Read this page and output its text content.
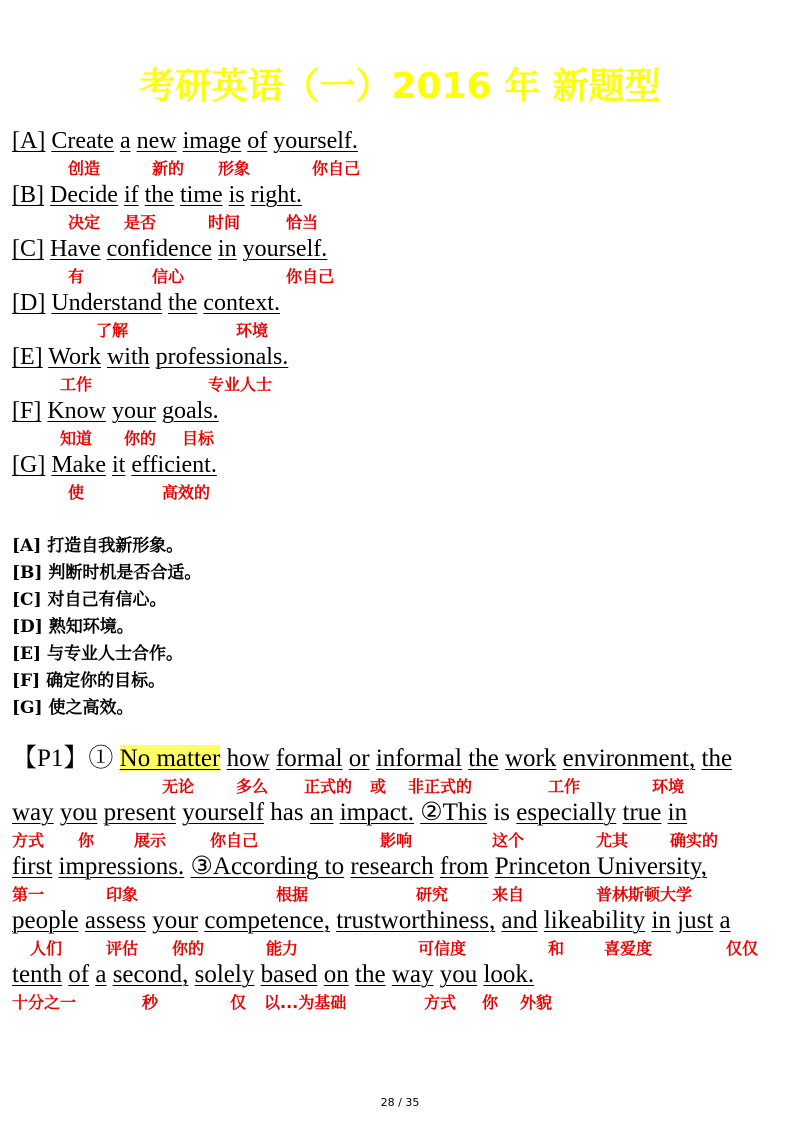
考研英语（一）2016 年 新题型
[A] Create a new image of yourself.
创造	新的 形象	你自己
[B] Decide if the time is right.
决定 是否	时间	恰当
[C] Have confidence in yourself.
有	信心	你自己
[D] Understand the context.
了解	环境
[E] Work with professionals.
工作	专业人士
[F] Know your goals.
知道 你的 目标
[G] Make it efficient.
使	高效的
[A] 打造自我新形象。
[B] 判断时机是否合适。
[C] 对自己有信心。
[D] 熟知环境。
[E] 与专业人士合作。
[F] 确定你的目标。
[G] 使之高效。
【P1】① No matter how formal or informal the work environment, the
无论	多么 正式的 或 非正式的	工作	环境
way you present yourself has an impact. ②This is especially true in
方式 你 展示	你自己	影响	这个	尤其	确实的
first impressions. ③According to research from Princeton University,
第一	印象	根据	研究	来自	普林斯顿大学
people assess your competence, trustworthiness, and likeability in just a
人们	评估 你的	能力	可信度	和 喜爱度	仅仅
tenth of a second, solely based on the way you look.
十分之一	秒	仅 以...为基础	方式 你 外貌
28 / 35
